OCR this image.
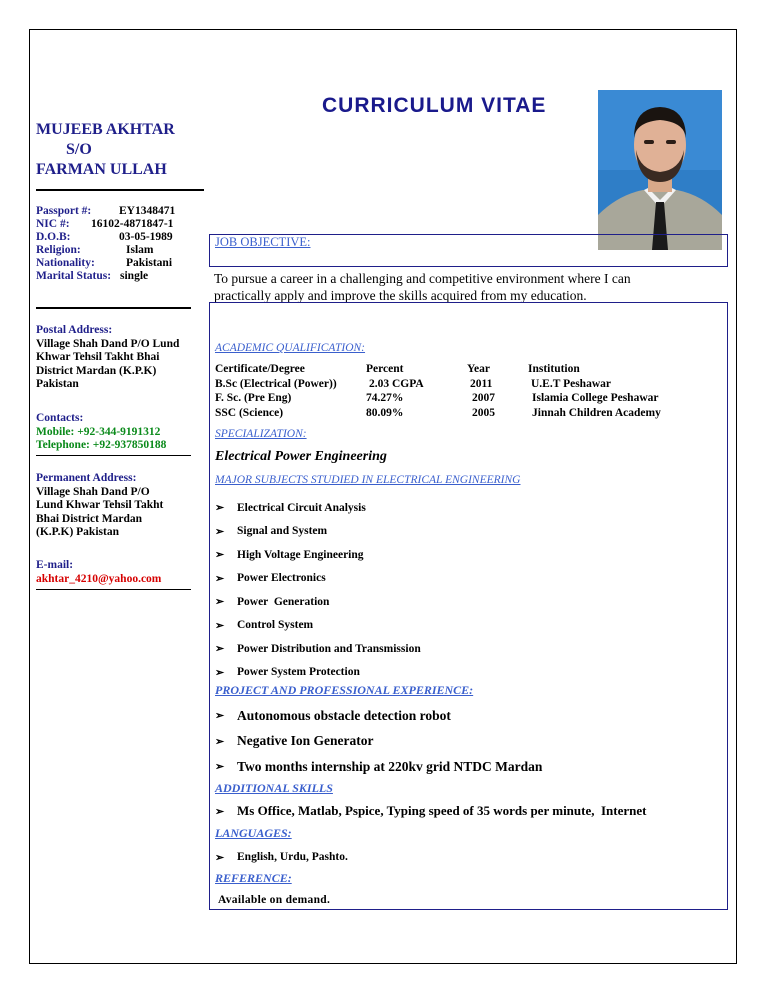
MUJEEB AKHTAR
S/O
FARMAN ULLAH
Passport #:	EY1348471
NIC #:	16102-4871847-1
D.O.B:	03-05-1989
Religion:	Islam
Nationality:	Pakistani
Marital Status: single
Postal Address:
Village Shah Dand P/O Lund
Khwar Tehsil Takht Bhai
District Mardan (K.P.K)
Pakistan
Contacts:
Mobile: +92-344-9191312
Telephone: +92-937850188
Permanent Address:
Village Shah Dand P/O
Lund Khwar Tehsil Takht
Bhai District Mardan
(K.P.K) Pakistan
E-mail:
akhtar_4210@yahoo.com
CURRICULUM VITAE
JOB OBJECTIVE:
To pursue a career in a challenging and competitive environment where I can
practically apply and improve the skills acquired from my education.
ACADEMIC QUALIFICATION:
Certificate/Degree	Percent	Year	Institution
B.Sc (Electrical (Power))	2.03 CGPA	2011	U.E.T Peshawar
F. Sc. (Pre Eng)	74.27%	2007	Islamia College Peshawar
SSC (Science)	80.09%	2005	Jinnah Children Academy
SPECIALIZATION:
Electrical Power Engineering
MAJOR SUBJECTS STUDIED IN ELECTRICAL ENGINEERING
➢	Electrical Circuit Analysis
➢	Signal and System
➢	High Voltage Engineering
➢	Power Electronics
➢	Power  Generation
➢	Control System
➢	Power Distribution and Transmission
➢	Power System Protection
PROJECT AND PROFESSIONAL EXPERIENCE:
➢ Autonomous obstacle detection robot
➢ Negative Ion Generator
➢ Two months internship at 220kv grid NTDC Mardan
ADDITIONAL SKILLS
➢ Ms Office, Matlab, Pspice, Typing speed of 35 words per minute,  Internet
LANGUAGES:
➢	English, Urdu, Pashto.
REFERENCE:
Available on demand.
